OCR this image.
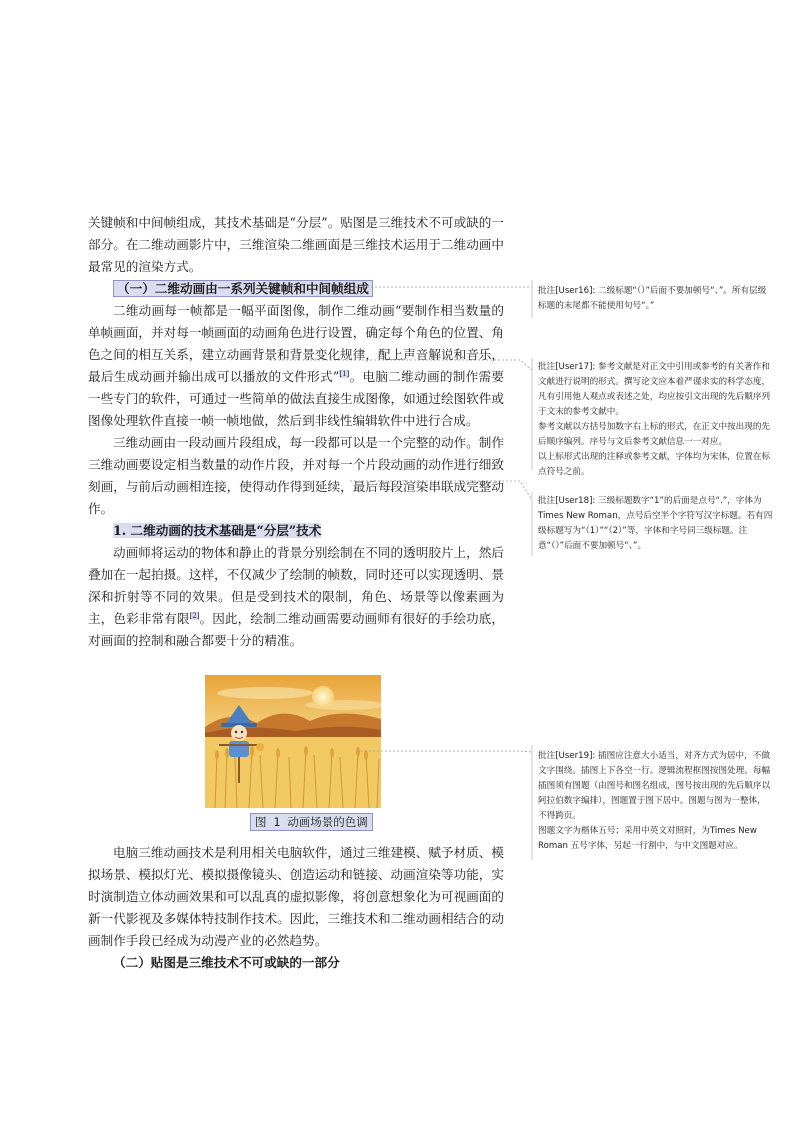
关键帧和中间帧组成，其技术基础是“分层”。贴图是三维技术不可或缺的一部分。在二维动画影片中，三维渲染二维画面是三维技术运用于二维动画中最常见的渲染方式。

（一）二维动画由一系列关键帧和中间帧组成

二维动画每一帧都是一幅平面图像，制作二维动画“要制作相当数量的单帧画面，并对每一帧画面的动画角色进行设置，确定每个角色的位置、角色之间的相互关系，建立动画背景和背景变化规律，配上声音解说和音乐，最后生成动画并输出成可以播放的文件形式”[1]。电脑二维动画的制作需要一些专门的软件，可通过一些简单的做法直接生成图像，如通过绘图软件或图像处理软件直接一帧一帧地做，然后到非线性编辑软件中进行合成。

三维动画由一段动画片段组成，每一段都可以是一个完整的动作。制作三维动画要设定相当数量的动作片段，并对每一个片段动画的动作进行细致刻画，与前后动画相连接，使得动作得到延续，最后每段渲染串联成完整动作。

1. 二维动画的技术基础是“分层”技术

动画师将运动的物体和静止的背景分别绘制在不同的透明胶片上，然后叠加在一起拍摄。这样，不仅减少了绘制的帧数，同时还可以实现透明、景深和折射等不同的效果。但是受到技术的限制，角色、场景等以像素画为主，色彩非常有限[2]。因此，绘制二维动画需要动画师有很好的手绘功底，对画面的控制和融合都要十分的精准。

图 1 动画场景的色调

电脑三维动画技术是利用相关电脑软件，通过三维建模、赋予材质、模拟场景、模拟灯光、模拟摄像镜头、创造运动和链接、动画渲染等功能，实时演制造立体动画效果和可以乱真的虚拟影像，将创意想象化为可视画面的新一代影视及多媒体特技制作技术。因此，三维技术和二维动画相结合的动画制作手段已经成为动漫产业的必然趋势。

（二）贴图是三维技术不可或缺的一部分

批注[User16]: 二级标题“（）”后面不要加顿号“、”。所有层级标题的末尾都不能使用句号“。”
批注[User17]: 参考文献是对正文中引用或参考的有关著作和文献进行说明的形式。撰写论文应本着严谨求实的科学态度，凡有引用他人观点或表述之处，均应按引文出现的先后顺序列于文末的参考文献中。
参考文献以方括号加数字右上标的形式，在正文中按出现的先后顺序编列。序号与文后参考文献信息一一对应。
以上标形式出现的注释或参考文献，字体均为宋体，位置在标点符号之前。
批注[User18]: 三级标题数字“1”的后面是点号“.”，字体为Times New Roman，点号后空半个字符写汉字标题。若有四级标题写为“（1）”“（2）”等，字体和字号同三级标题。注意“（）”后面不要加顿号“、”。
批注[User19]: 插图应注意大小适当，对齐方式为居中，不做文字围绕。插图上下各空一行。逻辑流程框图按图处理。每幅插图须有图题（由图号和图名组成，图号按出现的先后顺序以阿拉伯数字编排），图题置于图下居中。图题与图为一整体，不得跨页。
图题文字为楷体五号；采用中英文对照时，为Times New Roman 五号字体，另起一行割中，与中文图题对应。
